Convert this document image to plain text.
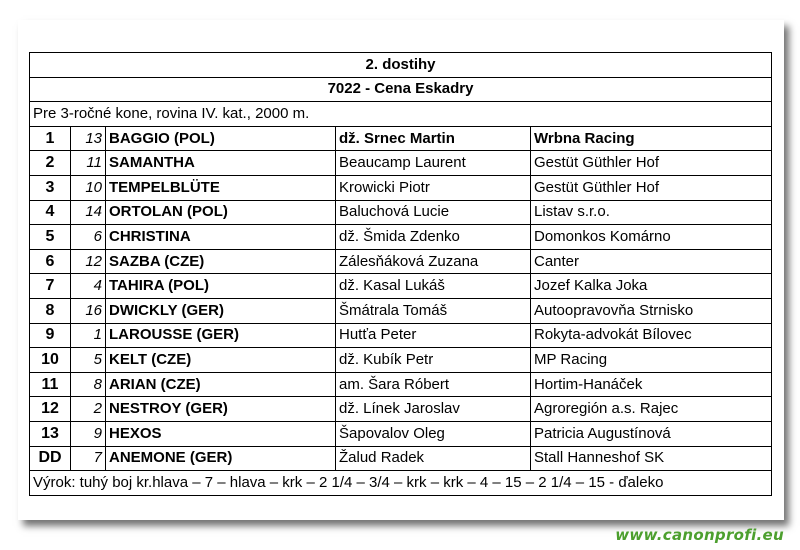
2. dostihy				
7022 - Cena Eskadry				
Pre 3-ročné kone, rovina IV. kat., 2000 m.				
1	13	BAGGIO (POL)	dž. Srnec Martin	Wrbna Racing
2	11	SAMANTHA	Beaucamp Laurent	Gestüt Güthler Hof
3	10	TEMPELBLÜTE	Krowicki Piotr	Gestüt Güthler Hof
4	14	ORTOLAN (POL)	Baluchová Lucie	Listav s.r.o.
5	6	CHRISTINA	dž. Šmida Zdenko	Domonkos Komárno
6	12	SAZBA (CZE)	Zálesňáková Zuzana	Canter
7	4	TAHIRA (POL)	dž. Kasal Lukáš	Jozef Kalka Joka
8	16	DWICKLY (GER)	Šmátrala Tomáš	Autoopravovňa Strnisko
9	1	LAROUSSE (GER)	Hutťa Peter	Rokyta-advokát Bílovec
10	5	KELT (CZE)	dž. Kubík Petr	MP Racing
11	8	ARIAN (CZE)	am. Šara Róbert	Hortim-Hanáček
12	2	NESTROY (GER)	dž. Línek Jaroslav	Agroregión a.s. Rajec
13	9	HEXOS	Šapovalov Oleg	Patricia Augustínová
DD	7	ANEMONE (GER)	Žalud Radek	Stall Hanneshof SK
Výrok: tuhý boj kr.hlava – 7 – hlava – krk – 2 1/4 – 3/4 – krk – krk – 4 – 15 – 2 1/4 – 15 - ďaleko				
www.canonprofi.eu
